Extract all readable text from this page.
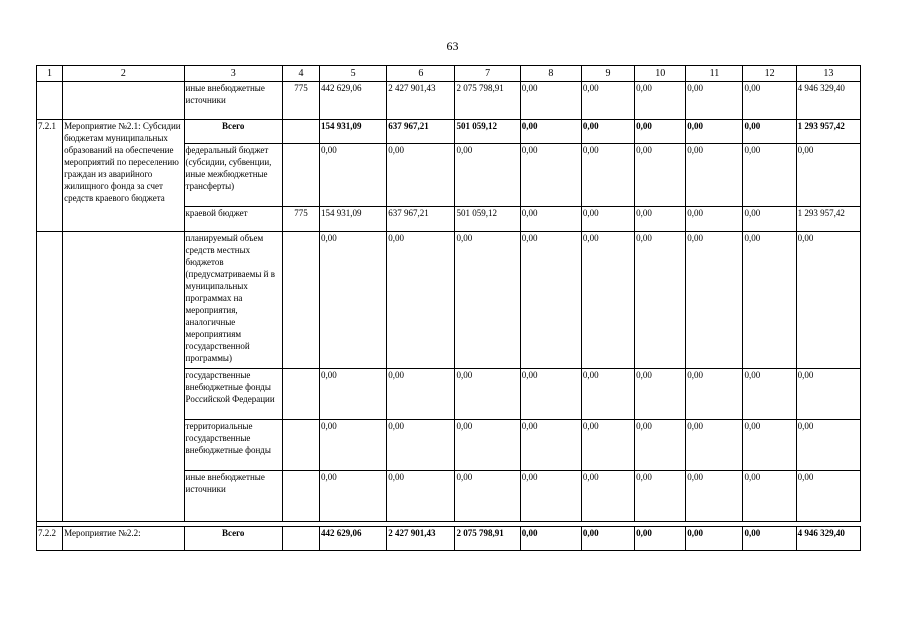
63
1	2	3	4	5	6	7	8	9	10	11	12	13
		иные внебюджетные источники	775	442 629,06	2 427 901,43	2 075 798,91	0,00	0,00	0,00	0,00	0,00	4 946 329,40
7.2.1	Мероприятие №2.1: Субсидии бюджетам муниципальных образований на обеспечение мероприятий по переселению граждан из аварийного жилищного фонда за счет средств краевого бюджета	Всего		154 931,09	637 967,21	501 059,12	0,00	0,00	0,00	0,00	0,00	1 293 957,42
		федеральный бюджет (субсидии, субвенции, иные межбюджетные трансферты)		0,00	0,00	0,00	0,00	0,00	0,00	0,00	0,00	0,00
		краевой бюджет	775	154 931,09	637 967,21	501 059,12	0,00	0,00	0,00	0,00	0,00	1 293 957,42
		планируемый объем средств местных бюджетов (предусматриваемы й в муниципальных программах на мероприятия, аналогичные мероприятиям государственной программы)		0,00	0,00	0,00	0,00	0,00	0,00	0,00	0,00	0,00
		государственные внебюджетные фонды Российской Федерации		0,00	0,00	0,00	0,00	0,00	0,00	0,00	0,00	0,00
		территориальные государственные внебюджетные фонды		0,00	0,00	0,00	0,00	0,00	0,00	0,00	0,00	0,00
		иные внебюджетные источники		0,00	0,00	0,00	0,00	0,00	0,00	0,00	0,00	0,00

7.2.2	Мероприятие №2.2:	Всего		442 629,06	2 427 901,43	2 075 798,91	0,00	0,00	0,00	0,00	0,00	4 946 329,40
